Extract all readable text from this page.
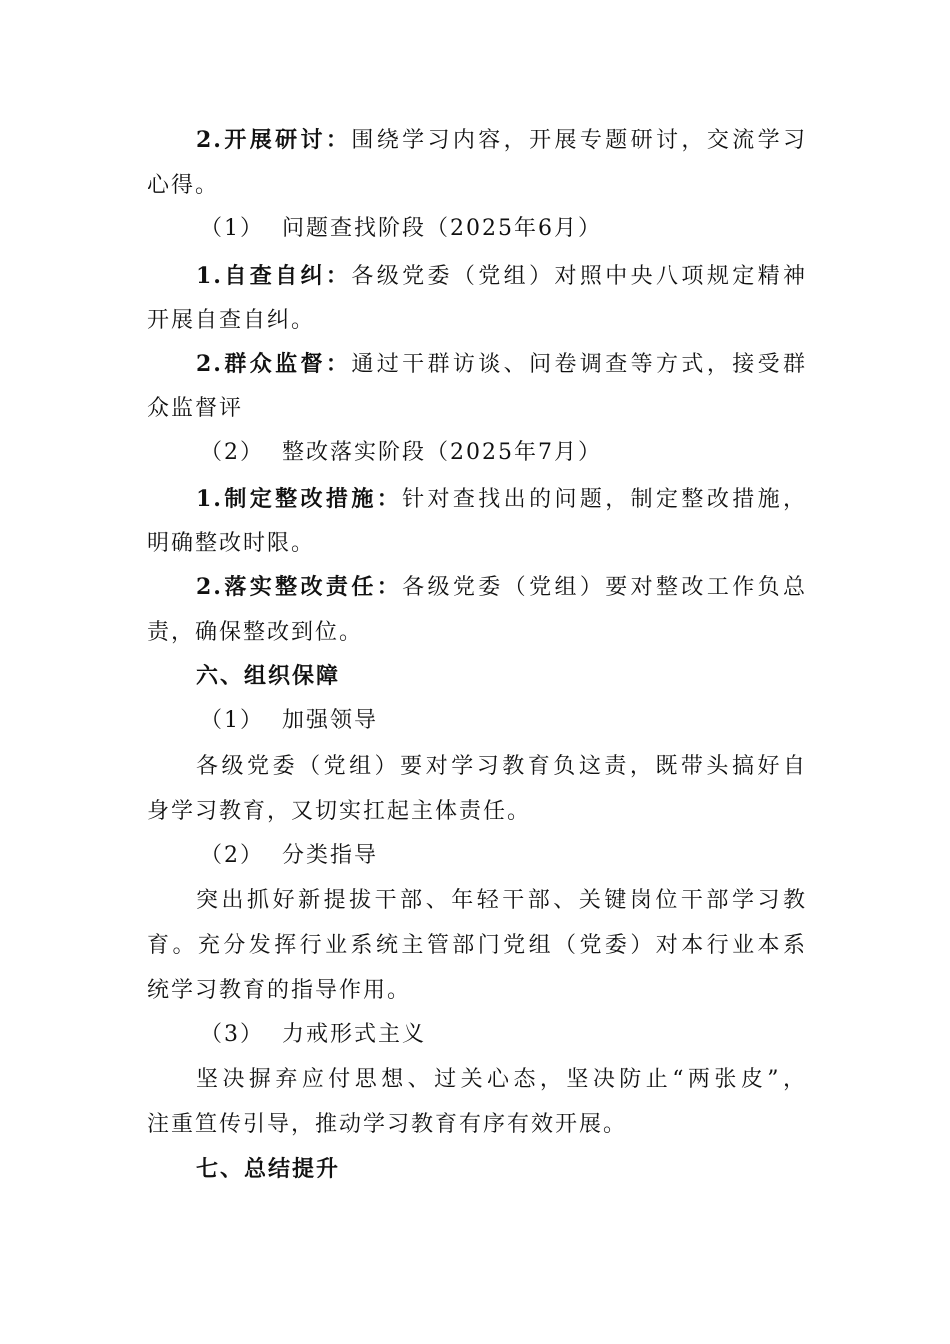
2.开展研讨：围绕学习内容，开展专题研讨，交流学习
心得。
（1） 问题查找阶段（2025年6月）
1.自查自纠：各级党委（党组）对照中央八项规定精神
开展自查自纠。
2.群众监督：通过干群访谈、问卷调查等方式，接受群
众监督评
（2） 整改落实阶段（2025年7月）
1.制定整改措施：针对查找出的问题，制定整改措施，
明确整改时限。
2.落实整改责任：各级党委（党组）要对整改工作负总
责，确保整改到位。
六、组织保障
（1） 加强领导
各级党委（党组）要对学习教育负这责，既带头搞好自
身学习教育，又切实扛起主体责任。
（2） 分类指导
突出抓好新提拔干部、年轻干部、关键岗位干部学习教
育。充分发挥行业系统主管部门党组（党委）对本行业本系
统学习教育的指导作用。
（3） 力戒形式主义
坚决摒弃应付思想、过关心态，坚决防止“两张皮”，
注重笪传引导，推动学习教育有序有效开展。
七、总结提升
